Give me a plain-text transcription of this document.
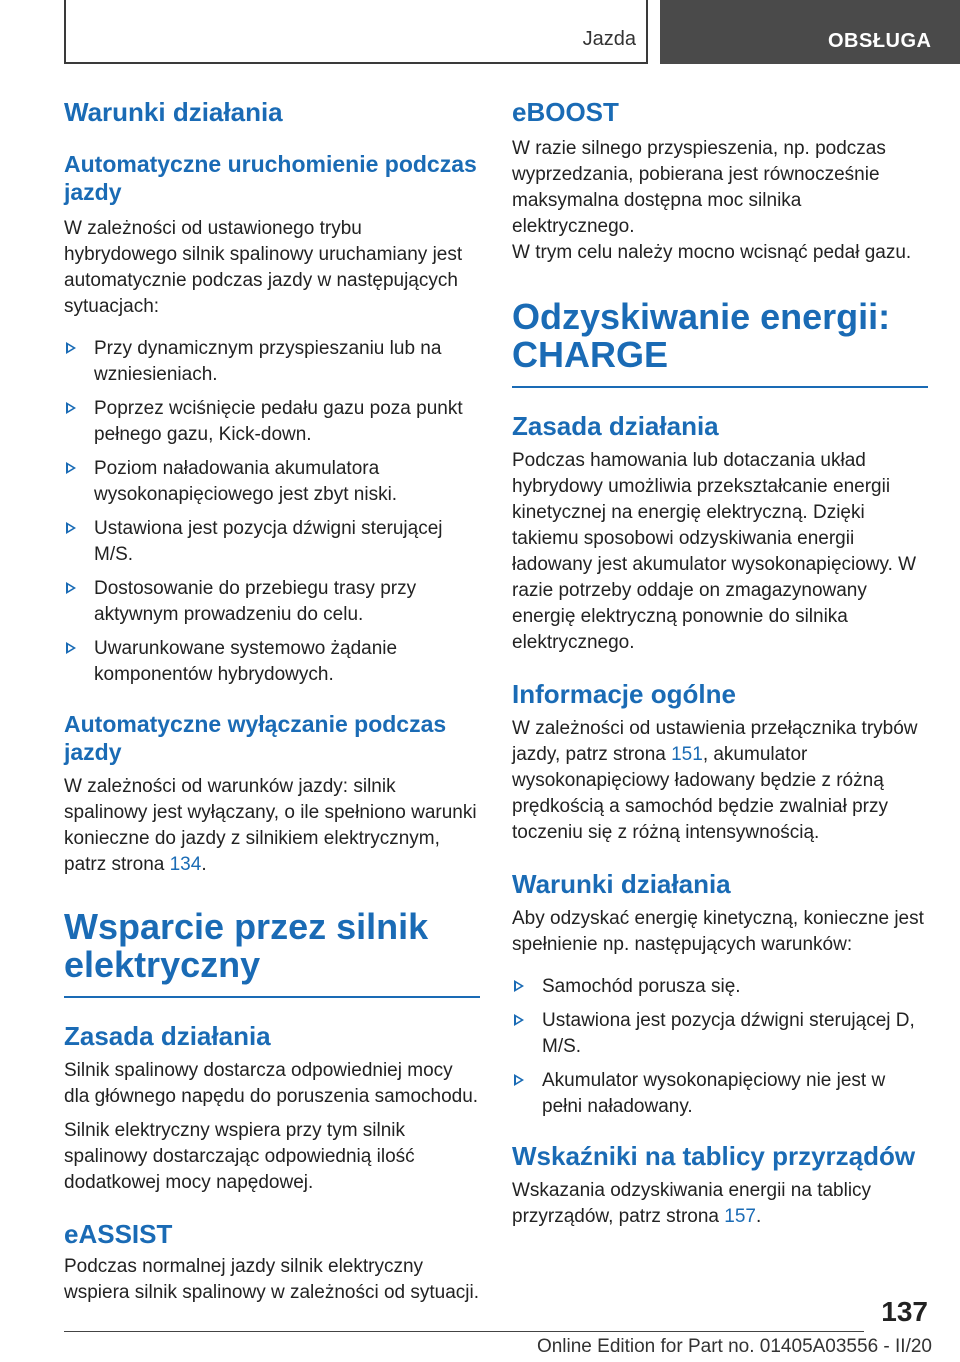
Jazda	OBSŁUGA
Warunki działania
Automatyczne uruchomienie podczas jazdy

W zależności od ustawionego trybu hybrydowego silnik spalinowy uruchamiany jest automatycznie podczas jazdy w następujących sytuacjach:

Przy dynamicznym przyspieszaniu lub na wzniesieniach.
Poprzez wciśnięcie pedału gazu poza punkt pełnego gazu, Kick-down.
Poziom naładowania akumulatora wysokonapięciowego jest zbyt niski.
Ustawiona jest pozycja dźwigni sterującej M/S.
Dostosowanie do przebiegu trasy przy aktywnym prowadzeniu do celu.
Uwarunkowane systemowo żądanie komponentów hybrydowych.
Automatyczne wyłączanie podczas jazdy

W zależności od warunków jazdy: silnik spalinowy jest wyłączany, o ile spełniono warunki konieczne do jazdy z silnikiem elektrycznym, patrz strona 134.

Wsparcie przez silnik elektryczny
Zasada działania

Silnik spalinowy dostarcza odpowiedniej mocy dla głównego napędu do poruszenia samochodu.

Silnik elektryczny wspiera przy tym silnik spalinowy dostarczając odpowiednią ilość dodatkowej mocy napędowej.

eASSIST

Podczas normalnej jazdy silnik elektryczny wspiera silnik spalinowy w zależności od sytuacji.

eBOOST

W razie silnego przyspieszenia, np. podczas wyprzedzania, pobierana jest równocześnie maksymalna dostępna moc silnika elektrycznego.

W trym celu należy mocno wcisnąć pedał gazu.

Odzyskiwanie energii: CHARGE
Zasada działania

Podczas hamowania lub dotaczania układ hybrydowy umożliwia przekształcanie energii kinetycznej na energię elektryczną. Dzięki takiemu sposobowi odzyskiwania energii ładowany jest akumulator wysokonapięciowy. W razie potrzeby oddaje on zmagazynowany energię elektryczną ponownie do silnika elektrycznego.

Informacje ogólne

W zależności od ustawienia przełącznika trybów jazdy, patrz strona 151, akumulator wysokonapięciowy ładowany będzie z różną prędkością a samochód będzie zwalniał przy toczeniu się z różną intensywnością.

Warunki działania

Aby odzyskać energię kinetyczną, konieczne jest spełnienie np. następujących warunków:

Samochód porusza się.
Ustawiona jest pozycja dźwigni sterującej D, M/S.
Akumulator wysokonapięciowy nie jest w pełni naładowany.
Wskaźniki na tablicy przyrządów

Wskazania odzyskiwania energii na tablicy przyrządów, patrz strona 157.

137
Online Edition for Part no. 01405A03556 - II/20
